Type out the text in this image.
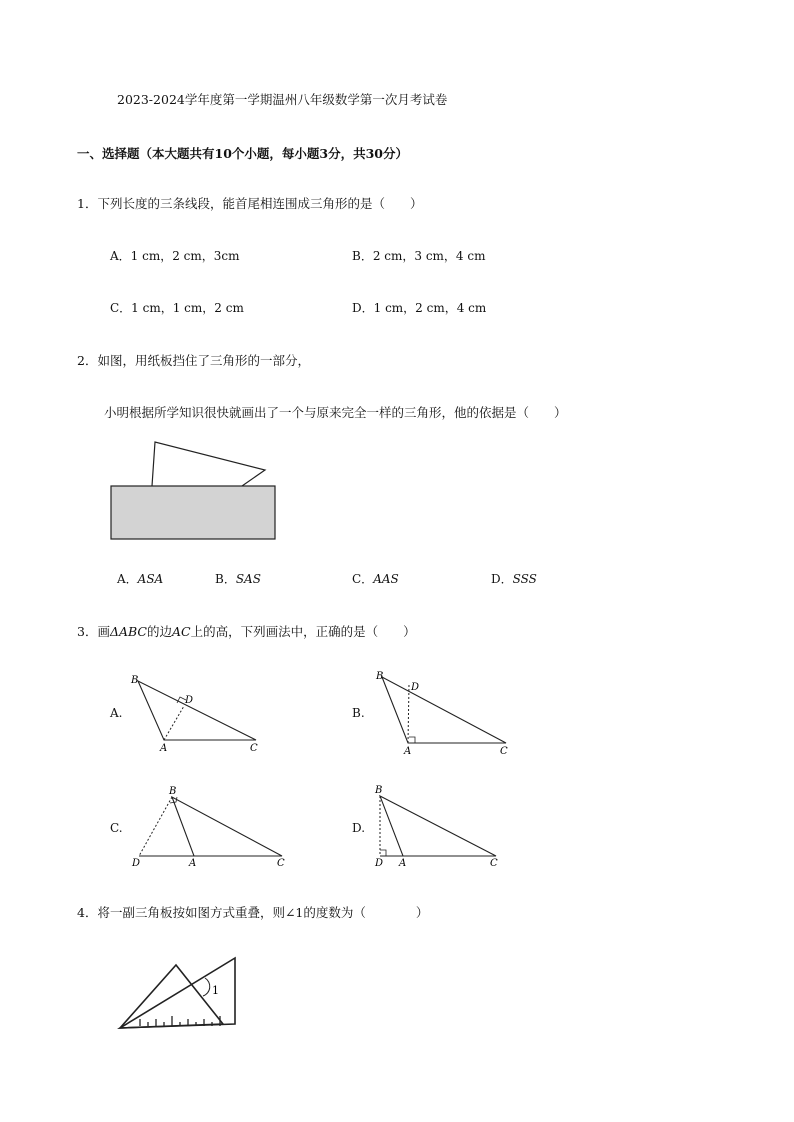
2023-2024学年度第一学期温州八年级数学第一次月考试卷
一、选择题（本大题共有10个小题，每小题3分，共30分）
1．下列长度的三条线段，能首尾相连围成三角形的是（　　）
A．1 cm，2 cm，3cm	B．2 cm，3 cm，4 cm
C．1 cm，1 cm，2 cm	D．1 cm，2 cm，4 cm
2．如图，用纸板挡住了三角形的一部分，
小明根据所学知识很快就画出了一个与原来完全一样的三角形，他的依据是（　　）
A．ASA	B．SAS	C．AAS	D．SSS
3．画ΔABC的边AC上的高，下列画法中，正确的是（　　）
A.
B
D
A	C
B.
B
D
A	C
C.
B
D	A	C
D.
B
D A	C
4．将一副三角板按如图方式重叠，则∠1的度数为（　　　　）
1
